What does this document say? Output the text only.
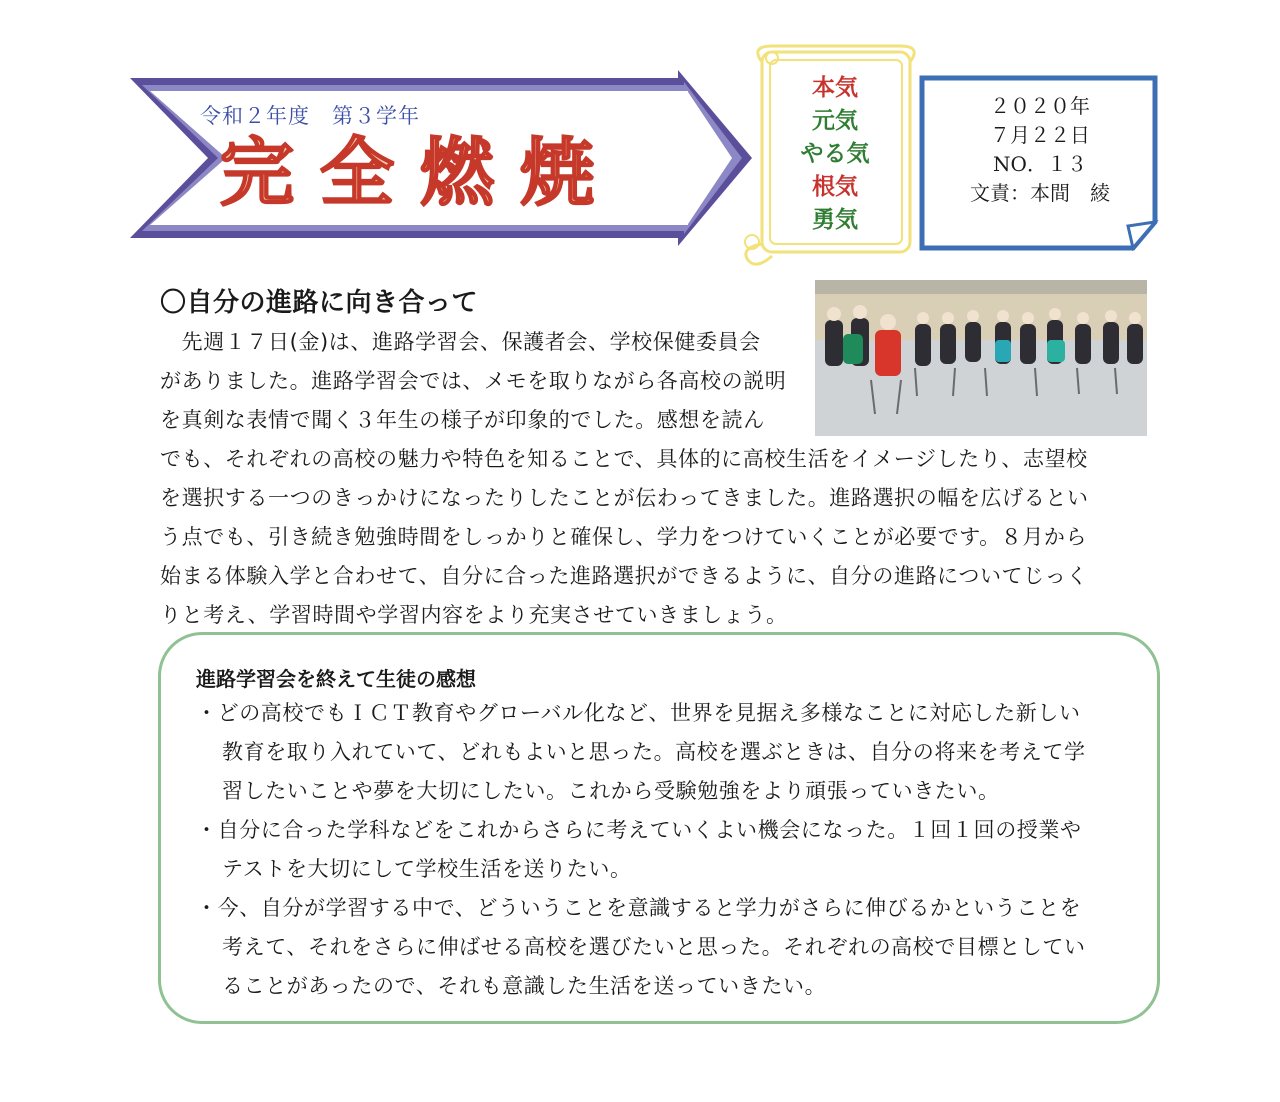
令和２年度　第３学年
完全燃焼
本気
元気
やる気
根気
勇気
２０２０年
７月２２日
NO．１３
文責：本間　綾
〇自分の進路に向き合って
　先週１７日(金)は、進路学習会、保護者会、学校保健委員会
がありました。進路学習会では、メモを取りながら各高校の説明
を真剣な表情で聞く３年生の様子が印象的でした。感想を読ん
でも、それぞれの高校の魅力や特色を知ることで、具体的に高校生活をイメージしたり、志望校
を選択する一つのきっかけになったりしたことが伝わってきました。進路選択の幅を広げるとい
う点でも、引き続き勉強時間をしっかりと確保し、学力をつけていくことが必要です。８月から
始まる体験入学と合わせて、自分に合った進路選択ができるように、自分の進路についてじっく
りと考え、学習時間や学習内容をより充実させていきましょう。
進路学習会を終えて生徒の感想
・どの高校でもＩＣＴ教育やグローバル化など、世界を見据え多様なことに対応した新しい
教育を取り入れていて、どれもよいと思った。高校を選ぶときは、自分の将来を考えて学
習したいことや夢を大切にしたい。これから受験勉強をより頑張っていきたい。
・自分に合った学科などをこれからさらに考えていくよい機会になった。１回１回の授業や
テストを大切にして学校生活を送りたい。
・今、自分が学習する中で、どういうことを意識すると学力がさらに伸びるかということを
考えて、それをさらに伸ばせる高校を選びたいと思った。それぞれの高校で目標としてい
ることがあったので、それも意識した生活を送っていきたい。
